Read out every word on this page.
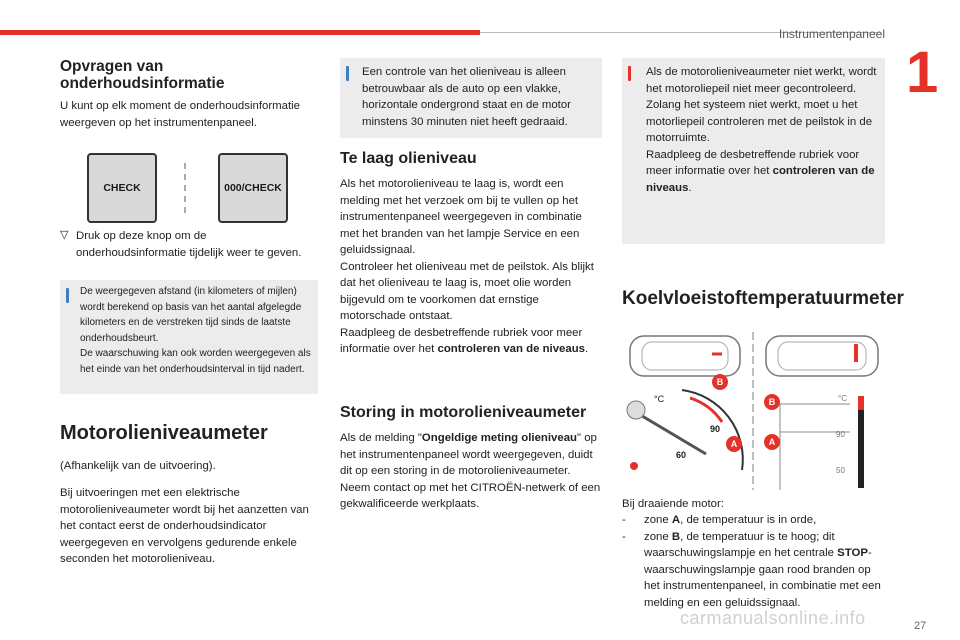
Instrumentenpaneel
1
27
Opvragen van onderhoudsinformatie

U kunt op elk moment de onderhoudsinformatie weergeven op het instrumentenpaneel.

CHECK	000/CHECK
▽ Druk op deze knop om de onderhoudsinformatie tijdelijk weer te geven.

De weergegeven afstand (in kilometers of mijlen) wordt berekend op basis van het aantal afgelegde kilometers en de verstreken tijd sinds de laatste onderhoudsbeurt.

De waarschuwing kan ook worden weergegeven als het einde van het onderhoudsinterval in tijd nadert.

Motorolieniveaumeter

(Afhankelijk van de uitvoering).

Bij uitvoeringen met een elektrische motorolieniveaumeter wordt bij het aanzetten van het contact eerst de onderhoudsindicator weergegeven en vervolgens gedurende enkele seconden het motorolieniveau.

Een controle van het olieniveau is alleen betrouwbaar als de auto op een vlakke, horizontale ondergrond staat en de motor minstens 30 minuten niet heeft gedraaid.

Te laag olieniveau

Als het motorolieniveau te laag is, wordt een melding met het verzoek om bij te vullen op het instrumentenpaneel weergegeven in combinatie met het branden van het lampje Service en een geluidssignaal.
Controleer het olieniveau met de peilstok. Als blijkt dat het olieniveau te laag is, moet olie worden bijgevuld om te voorkomen dat ernstige motorschade ontstaat.
Raadpleeg de desbetreffende rubriek voor meer informatie over het controleren van de niveaus.

Storing in motorolieniveaumeter

Als de melding "Ongeldige meting olieniveau" op het instrumentenpaneel wordt weergegeven, duidt dit op een storing in de motorolieniveaumeter.
Neem contact op met het CITROËN-netwerk of een gekwalificeerde werkplaats.

Als de motorolieniveaumeter niet werkt, wordt het motoroliepeil niet meer gecontroleerd.
Zolang het systeem niet werkt, moet u het motorliepeil controleren met de peilstok in de motorruimte.
Raadpleeg de desbetreffende rubriek voor meer informatie over het controleren van de niveaus.

Koelvloeistoftemperatuurmeter
°C
90
60
°C
90
50
B
A
B
A

Bij draaiende motor:

-	zone A, de temperatuur is in orde,

-	zone B, de temperatuur is te hoog; dit waarschuwingslampje en het centrale STOP-waarschuwingslampje gaan rood branden op het instrumentenpaneel, in combinatie met een melding en een geluidssignaal.

carmanualsonline.info
